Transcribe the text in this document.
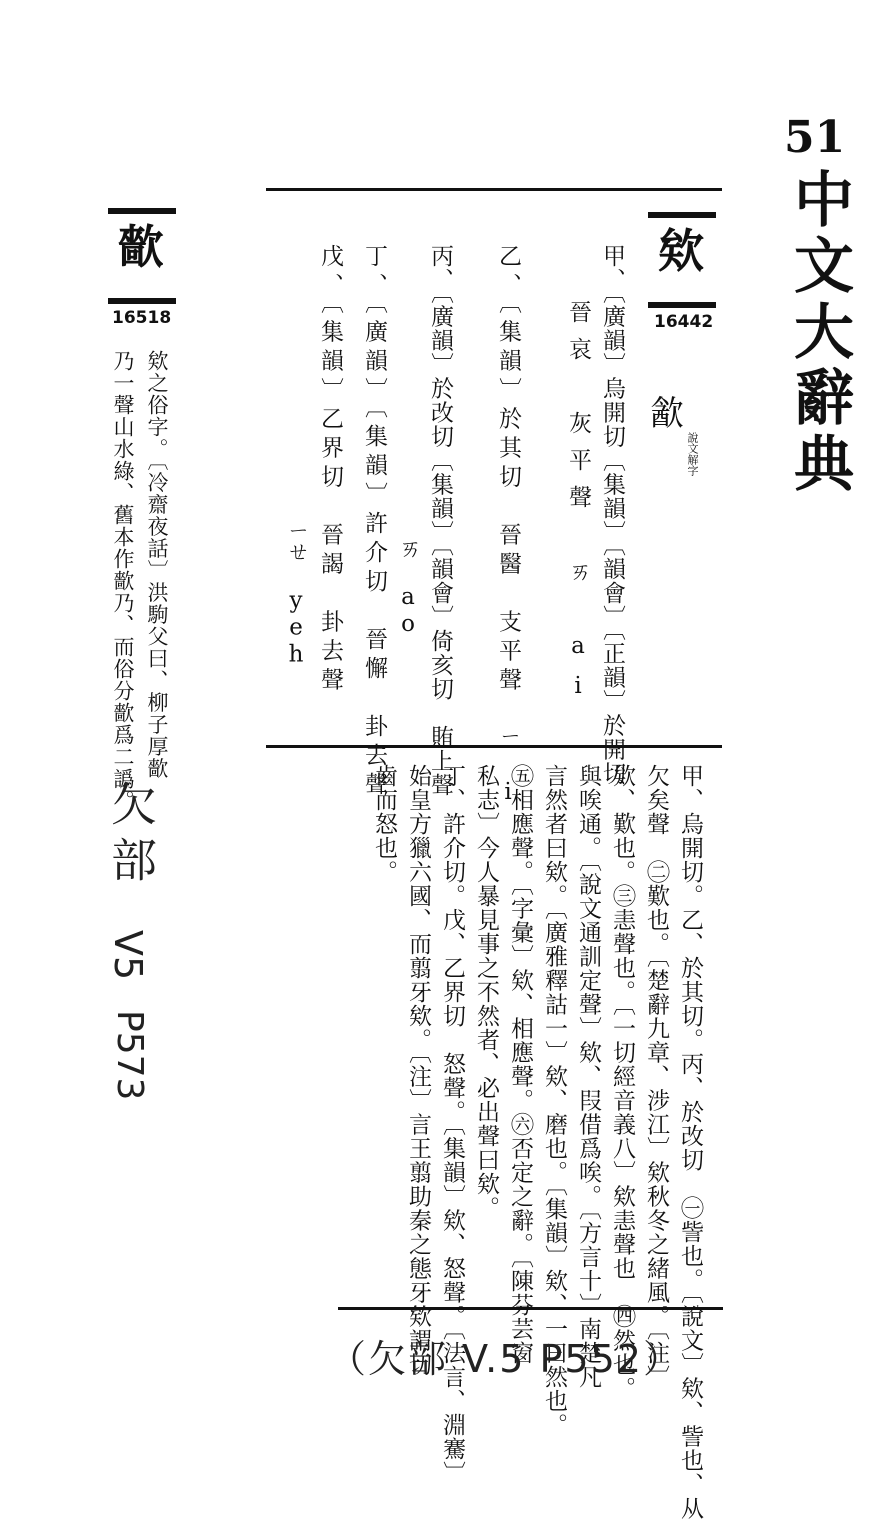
51
中文大辭典
欸
16442
㱃
說文解字
甲、〔廣韻〕烏開切〔集韻〕〔韻會〕〔正韻〕於開切
晉哀　灰平聲　ㄞ　ai
乙、〔集韻〕於其切　晉醫　支平聲　ㄧ　i
丙、〔廣韻〕於改切〔集韻〕〔韻會〕倚亥切　賄上聲
ㄞ　ao
丁、〔廣韻〕〔集韻〕許介切　晉懈　卦去聲
戊、〔集韻〕乙界切　晉謁　卦去聲
ㄧㄝ　yeh
甲、烏開切。乙、於其切。丙、於改切　㊀訾也。〔說文〕欸、訾也、从
欠矣聲　㊁歎也。〔楚辭九章、涉江〕欸秋冬之緒風。〔注〕
欸、歎也。㊂恚聲也。〔一切經音義八〕欸恚聲也　㊃然也。
與唉通。〔說文通訓定聲〕欸、叚借爲唉。〔方言十〕南楚凡
言然者曰欸。〔廣雅釋詁一〕欸、磨也。〔集韻〕欸、一曰然也。
㊄相應聲。〔字彙〕欸、相應聲。㊅否定之辭。〔陳芬芸窗
私志〕今人暴見事之不然者、必出聲曰欸。
丁、許介切。戊、乙界切　怒聲。〔集韻〕欸、怒聲。〔法言、淵騫〕
始皇方獵六國、而翦牙欸。〔注〕言王翦助秦之態牙欸謂切
齒而怒也。
㱇
16518
欸之俗字。〔冷齋夜話〕洪駒父曰、柳子厚㱇
乃一聲山水綠、舊本作㱇乃、而俗分㱇爲二譌。
欠部
V5
P573
（欠部 V.5 P552）
